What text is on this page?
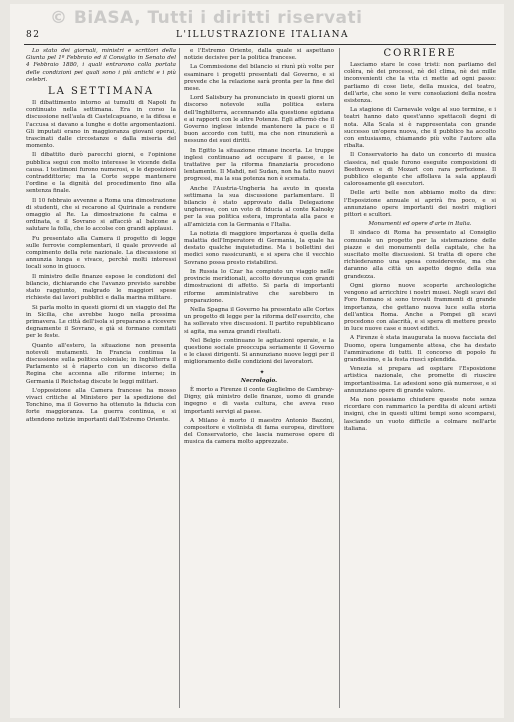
© BiASA, Tutti i diritti riservati
82	L'ILLUSTRAZIONE ITALIANA

Lo stato dei giornali, ministri e scrittori della Giunta pel 1º Febbraio ed il Consiglio in Senato del 4 Febbraio 1880, i quali entrarono colla portata delle condizioni pei quali sono i più antichi e i più celebri.

LA SETTIMANA

Il dibattimento intorno ai tumulti di Napoli fu continuato nella settimana. Era in corso la discussione nell'aula di Castelcapuano, e la difesa e l'accusa si davano a lunghe e dotte argomentazioni. Gli imputati erano in maggioranza giovani operai, trascinati dalle circostanze e dalla miseria del momento.

Il dibattito durò parecchi giorni, e l'opinione pubblica segui con molto interesse le vicende della causa. I testimoni furono numerosi, e le deposizioni contraddittorie; ma la Corte seppe mantenere l'ordine e la dignità del procedimento fino alla sentenza finale.

Il 10 febbraio avvenne a Roma una dimostrazione di studenti, che si recarono al Quirinale a rendere omaggio al Re. La dimostrazione fu calma e ordinata, e il Sovrano si affacciò al balcone a salutare la folla, che lo accolse con grandi applausi.

Fu presentato alla Camera il progetto di legge sulle ferrovie complementari, il quale provvede al compimento della rete nazionale. La discussione si annunzia lunga e vivace, perchè molti interessi locali sono in giuoco.

Il ministro delle finanze espose le condizioni del bilancio, dichiarando che l'avanzo previsto sarebbe stato raggiunto, malgrado le maggiori spese richieste dai lavori pubblici e dalla marina militare.

Si parla molto in questi giorni di un viaggio del Re in Sicilia, che avrebbe luogo nella prossima primavera. Le città dell'isola si preparano a ricevere degnamente il Sovrano, e già si formano comitati per le feste.

Quanto all'estero, la situazione non presenta notevoli mutamenti. In Francia continua la discussione sulla politica coloniale; in Inghilterra il Parlamento si è riaperto con un discorso della Regina che accenna alle riforme interne; in Germania il Reichstag discute le leggi militari.

L'opposizione alla Camera francese ha mosso vivaci critiche al Ministero per la spedizione del Tonchino, ma il Governo ha ottenuto la fiducia con forte maggioranza. La guerra continua, e si attendono notizie importanti dall'Estremo Oriente.

e l'Estremo Oriente, dalla quale si aspettano notizie decisive per la politica francese.

La Commissione del bilancio si riunì più volte per esaminare i progetti presentati dal Governo, e si prevede che la relazione sarà pronta per la fine del mese.

Lord Salisbury ha pronunciato in questi giorni un discorso notevole sulla politica estera dell'Inghilterra, accennando alla questione egiziana e ai rapporti con le altre Potenze. Egli affermò che il Governo inglese intende mantenere la pace e il buon accordo con tutti, ma che non rinunzierà a nessuno dei suoi diritti.

In Egitto la situazione rimane incerta. Le truppe inglesi continuano ad occupare il paese, e le trattative per la riforma finanziaria procedono lentamente. Il Mahdi, nel Sudan, non ha fatto nuovi progressi, ma la sua potenza non è scemata.

Anche l'Austria-Ungheria ha avuto in questa settimana la sua discussione parlamentare. Il bilancio è stato approvato dalla Delegazione ungherese, con un voto di fiducia al conte Kalnoky per la sua politica estera, improntata alla pace e all'amicizia con la Germania e l'Italia.

La notizia di maggiore importanza è quella della malattia dell'Imperatore di Germania, la quale ha destato qualche inquietudine. Ma i bollettini dei medici sono rassicuranti, e si spera che il vecchio Sovrano possa presto ristabilirsi.

In Russia lo Czar ha compiuto un viaggio nelle provincie meridionali, accolto dovunque con grandi dimostrazioni di affetto. Si parla di importanti riforme amministrative che sarebbero in preparazione.

Nella Spagna il Governo ha presentato alle Cortes un progetto di legge per la riforma dell'esercito, che ha sollevato vive discussioni. Il partito repubblicano si agita, ma senza grandi risultati.

Nel Belgio continuano le agitazioni operaie, e la questione sociale preoccupa seriamente il Governo e le classi dirigenti. Si annunziano nuove leggi per il miglioramento delle condizioni dei lavoratori.

✦

Necrologio.

È morto a Firenze il conte Guglielmo de Cambray-Digny, già ministro delle finanze, uomo di grande ingegno e di vasta cultura, che aveva reso importanti servigi al paese.

A Milano è morto il maestro Antonio Bazzini, compositore e violinista di fama europea, direttore del Conservatorio, che lascia numerose opere di musica da camera molto apprezzate.

CORRIERE

Lasciamo stare le cose tristi: non parliamo del colèra, nè dei processi, nè del clima, nè dei mille inconvenienti che la vita ci mette ad ogni passo: parliamo di cose liete, della musica, del teatro, dell'arte, che sono le vere consolazioni della nostra esistenza.

La stagione di Carnevale volge al suo termine, e i teatri hanno dato quest'anno spettacoli degni di nota. Alla Scala si è rappresentata con grande successo un'opera nuova, che il pubblico ha accolto con entusiasmo, chiamando più volte l'autore alla ribalta.

Il Conservatorio ha dato un concerto di musica classica, nel quale furono eseguite composizioni di Beethoven e di Mozart con rara perfezione. Il pubblico elegante che affollava la sala applaudì calorosamente gli esecutori.

Delle arti belle non abbiamo molto da dire: l'Esposizione annuale si aprirà fra poco, e si annunziano opere importanti dei nostri migliori pittori e scultori.

Monumenti ed opere d'arte in Italia.

Il sindaco di Roma ha presentato al Consiglio comunale un progetto per la sistemazione delle piazze e dei monumenti della capitale, che ha suscitato molte discussioni. Si tratta di opere che richiederanno una spesa considerevole, ma che daranno alla città un aspetto degno della sua grandezza.

Ogni giorno nuove scoperte archeologiche vengono ad arricchire i nostri musei. Negli scavi del Foro Romano si sono trovati frammenti di grande importanza, che gettano nuova luce sulla storia dell'antica Roma. Anche a Pompei gli scavi procedono con alacrità, e si spera di mettere presto in luce nuove case e nuovi edifici.

A Firenze è stata inaugurata la nuova facciata del Duomo, opera lungamente attesa, che ha destato l'ammirazione di tutti. Il concorso di popolo fu grandissimo, e la festa riuscì splendida.

Venezia si prepara ad ospitare l'Esposizione artistica nazionale, che promette di riuscire importantissima. Le adesioni sono già numerose, e si annunziano opere di grande valore.

Ma non possiamo chiudere queste note senza ricordare con rammarico la perdita di alcuni artisti insigni, che in questi ultimi tempi sono scomparsi, lasciando un vuoto difficile a colmare nell'arte italiana.
